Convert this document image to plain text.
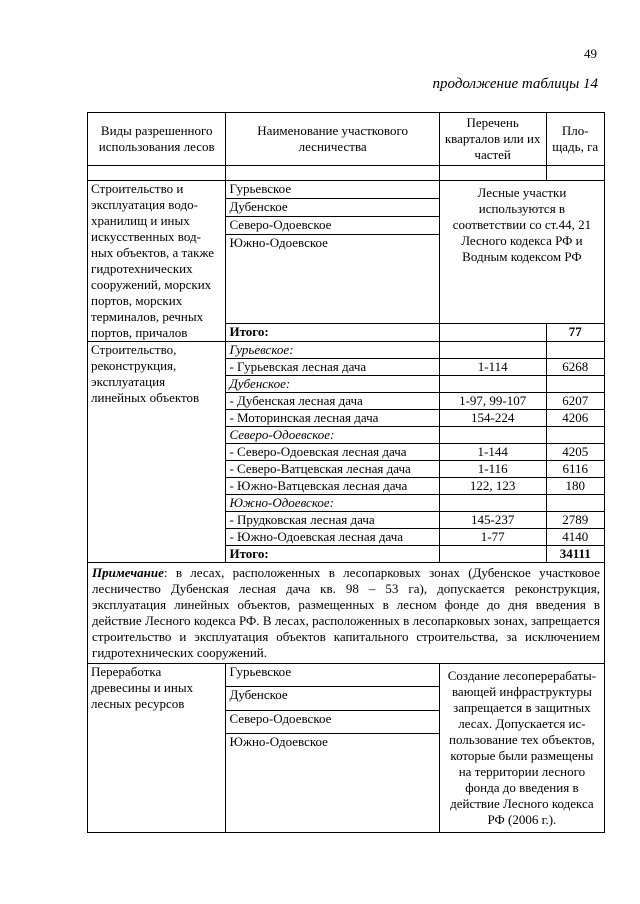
49
продолжение таблицы 14
Виды разрешенного использования лесов	Наименование участкового лесничества	Перечень кварталов или их частей	Пло-щадь, га

Строительство и эксплуатация водо-хранилищ и иных искусственных вод-ных объектов, а также гидротехнических сооружений, морских портов, морских терминалов, речных портов, причалов	Гурьевское	Лесные участки используются в соответствии со ст.44, 21 Лесного кодекса РФ и Водным кодексом РФ	
	Дубенское		
	Северо-Одоевское		
	Южно-Одоевское		
	Итого:		77
Строительство, реконструкция, эксплуатация линейных объектов	Гурьевское:		
	- Гурьевская лесная дача	1-114	6268
	Дубенское:		
	- Дубенская лесная дача	1-97, 99-107	6207
	- Моторинская лесная дача	154-224	4206
	Северо-Одоевское:		
	- Северо-Одоевская лесная дача	1-144	4205
	- Северо-Ватцевская лесная дача	1-116	6116
	- Южно-Ватцевская лесная дача	122, 123	180
	Южно-Одоевское:		
	- Прудковская лесная дача	145-237	2789
	- Южно-Одоевская лесная дача	1-77	4140
	Итого:		34111
Примечание: в лесах, расположенных в лесопарковых зонах (Дубенское участковое лесничество Дубенская лесная дача кв. 98 – 53 га), допускается реконструкция, эксплуатация линейных объектов, размещенных в лесном фонде до дня введения в действие Лесного кодекса РФ. В лесах, расположенных в лесопарковых зонах, запрещается строительство и эксплуатация объектов капитального строительства, за исключением гидротехнических сооружений.			
Переработка древесины и иных лесных ресурсов	Гурьевское	Создание лесоперерабаты-вающей инфраструктуры запрещается в защитных лесах. Допускается ис-пользование тех объектов, которые были размещены на территории лесного фонда до введения в действие Лесного кодекса РФ (2006 г.).	
	Дубенское		
	Северо-Одоевское		
	Южно-Одоевское		
